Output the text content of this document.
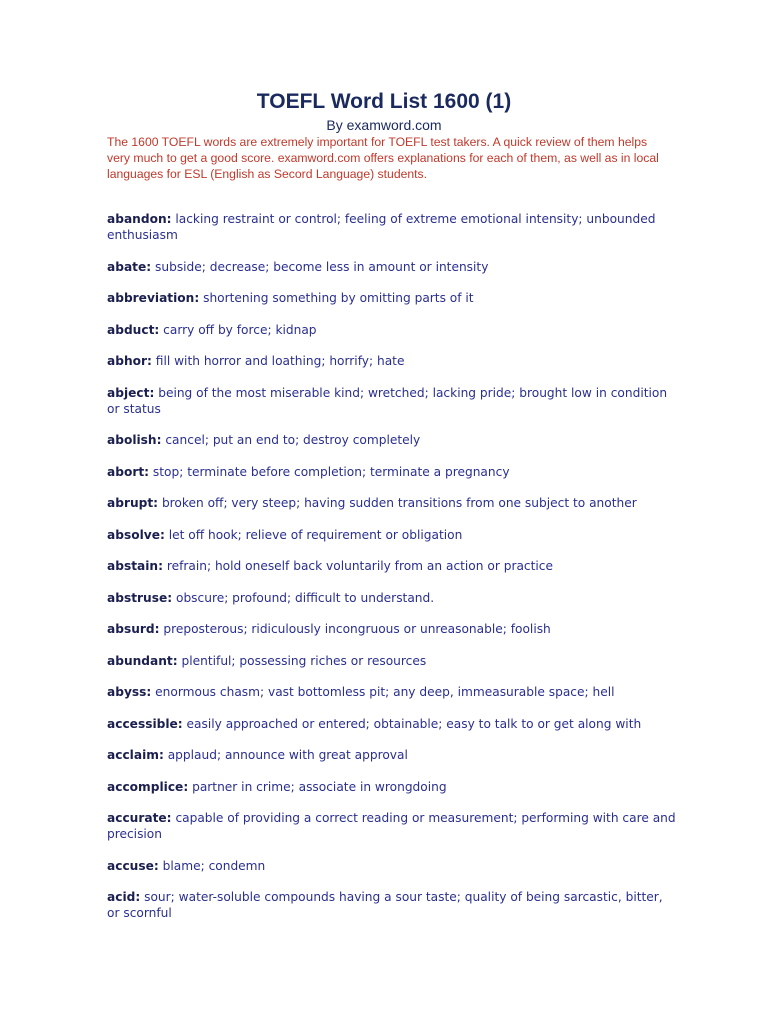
TOEFL Word List 1600 (1)

By examword.com

The 1600 TOEFL words are extremely important for TOEFL test takers. A quick review of them helps very much to get a good score. examword.com offers explanations for each of them, as well as in local languages for ESL (English as Secord Language) students.

abandon: lacking restraint or control; feeling of extreme emotional intensity; unbounded enthusiasm
abate: subside; decrease; become less in amount or intensity
abbreviation: shortening something by omitting parts of it
abduct: carry off by force; kidnap
abhor: fill with horror and loathing; horrify; hate
abject: being of the most miserable kind; wretched; lacking pride; brought low in condition or status
abolish: cancel; put an end to; destroy completely
abort: stop; terminate before completion; terminate a pregnancy
abrupt: broken off; very steep; having sudden transitions from one subject to another
absolve: let off hook; relieve of requirement or obligation
abstain: refrain; hold oneself back voluntarily from an action or practice
abstruse: obscure; profound; difficult to understand.
absurd: preposterous; ridiculously incongruous or unreasonable; foolish
abundant: plentiful; possessing riches or resources
abyss: enormous chasm; vast bottomless pit; any deep, immeasurable space; hell
accessible: easily approached or entered; obtainable; easy to talk to or get along with
acclaim: applaud; announce with great approval
accomplice: partner in crime; associate in wrongdoing
accurate: capable of providing a correct reading or measurement; performing with care and precision
accuse: blame; condemn
acid: sour; water-soluble compounds having a sour taste; quality of being sarcastic, bitter, or scornful
